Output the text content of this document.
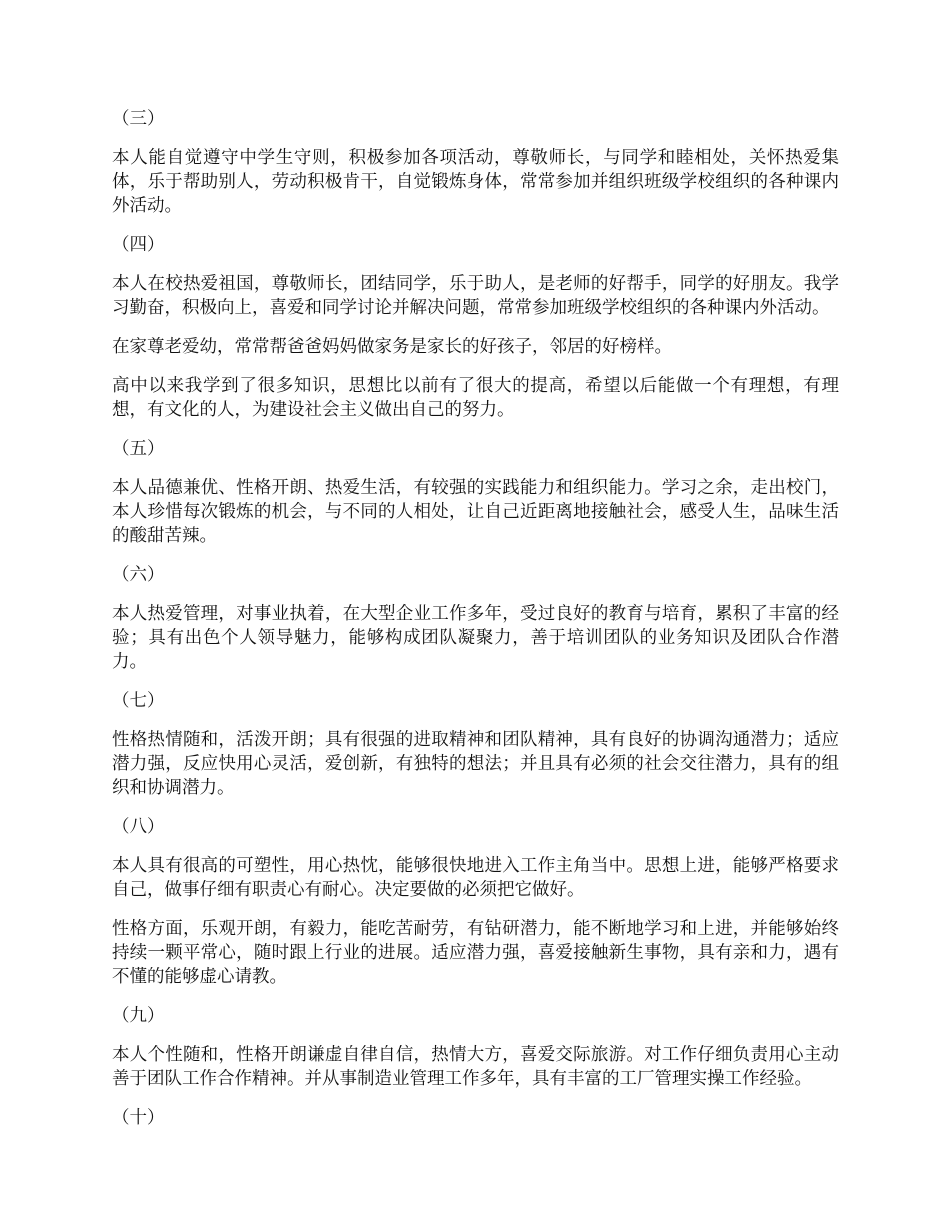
（三）

本人能自觉遵守中学生守则，积极参加各项活动，尊敬师长，与同学和睦相处，关怀热爱集体，乐于帮助别人，劳动积极肯干，自觉锻炼身体，常常参加并组织班级学校组织的各种课内外活动。

（四）

本人在校热爱祖国，尊敬师长，团结同学，乐于助人，是老师的好帮手，同学的好朋友。我学习勤奋，积极向上，喜爱和同学讨论并解决问题，常常参加班级学校组织的各种课内外活动。

在家尊老爱幼，常常帮爸爸妈妈做家务是家长的好孩子，邻居的好榜样。

高中以来我学到了很多知识，思想比以前有了很大的提高，希望以后能做一个有理想，有理想，有文化的人，为建设社会主义做出自己的努力。

（五）

本人品德兼优、性格开朗、热爱生活，有较强的实践能力和组织能力。学习之余，走出校门，本人珍惜每次锻炼的机会，与不同的人相处，让自己近距离地接触社会，感受人生，品味生活的酸甜苦辣。

（六）

本人热爱管理，对事业执着，在大型企业工作多年，受过良好的教育与培育，累积了丰富的经验；具有出色个人领导魅力，能够构成团队凝聚力，善于培训团队的业务知识及团队合作潜力。

（七）

性格热情随和，活泼开朗；具有很强的进取精神和团队精神，具有良好的协调沟通潜力；适应潜力强，反应快用心灵活，爱创新，有独特的想法；并且具有必须的社会交往潜力，具有的组织和协调潜力。

（八）

本人具有很高的可塑性，用心热忱，能够很快地进入工作主角当中。思想上进，能够严格要求自己，做事仔细有职责心有耐心。决定要做的必须把它做好。

性格方面，乐观开朗，有毅力，能吃苦耐劳，有钻研潜力，能不断地学习和上进，并能够始终持续一颗平常心，随时跟上行业的进展。适应潜力强，喜爱接触新生事物，具有亲和力，遇有不懂的能够虚心请教。

（九）

本人个性随和，性格开朗谦虚自律自信，热情大方，喜爱交际旅游。对工作仔细负责用心主动善于团队工作合作精神。并从事制造业管理工作多年，具有丰富的工厂管理实操工作经验。

（十）
